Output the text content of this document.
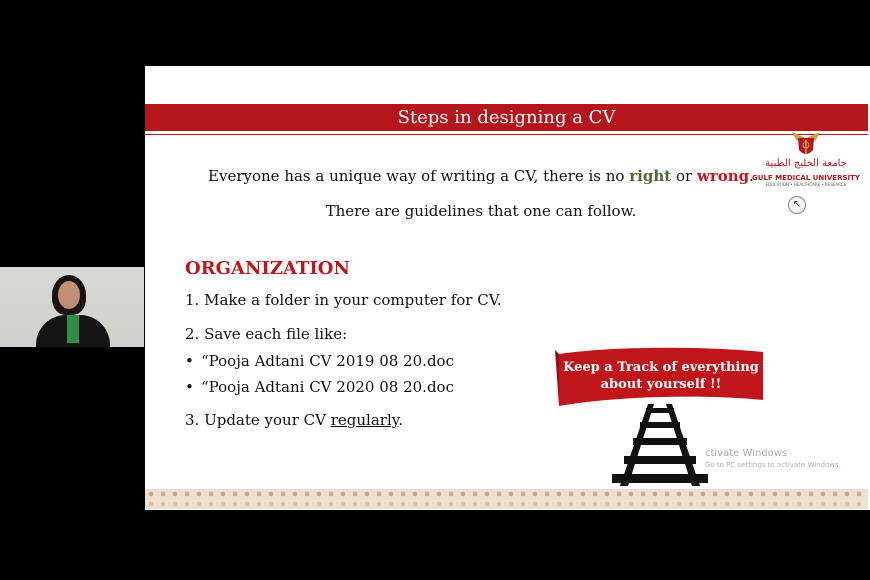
Steps in designing a CV
جامعة الخليج الطبية
GULF MEDICAL UNIVERSITY
EDUCATION • HEALTHCARE • RESEARCH
↖
Everyone has a unique way of writing a CV, there is no right or wrong.
There are guidelines that one can follow.
ORGANIZATION
1. Make a folder in your computer for CV.
2. Save each file like:
• “Pooja Adtani CV 2019 08 20.doc
• “Pooja Adtani CV 2020 08 20.doc
3. Update your CV regularly.
Keep a Track of everything
about yourself !!
ctivate Windows
Go to PC settings to activate Windows.
